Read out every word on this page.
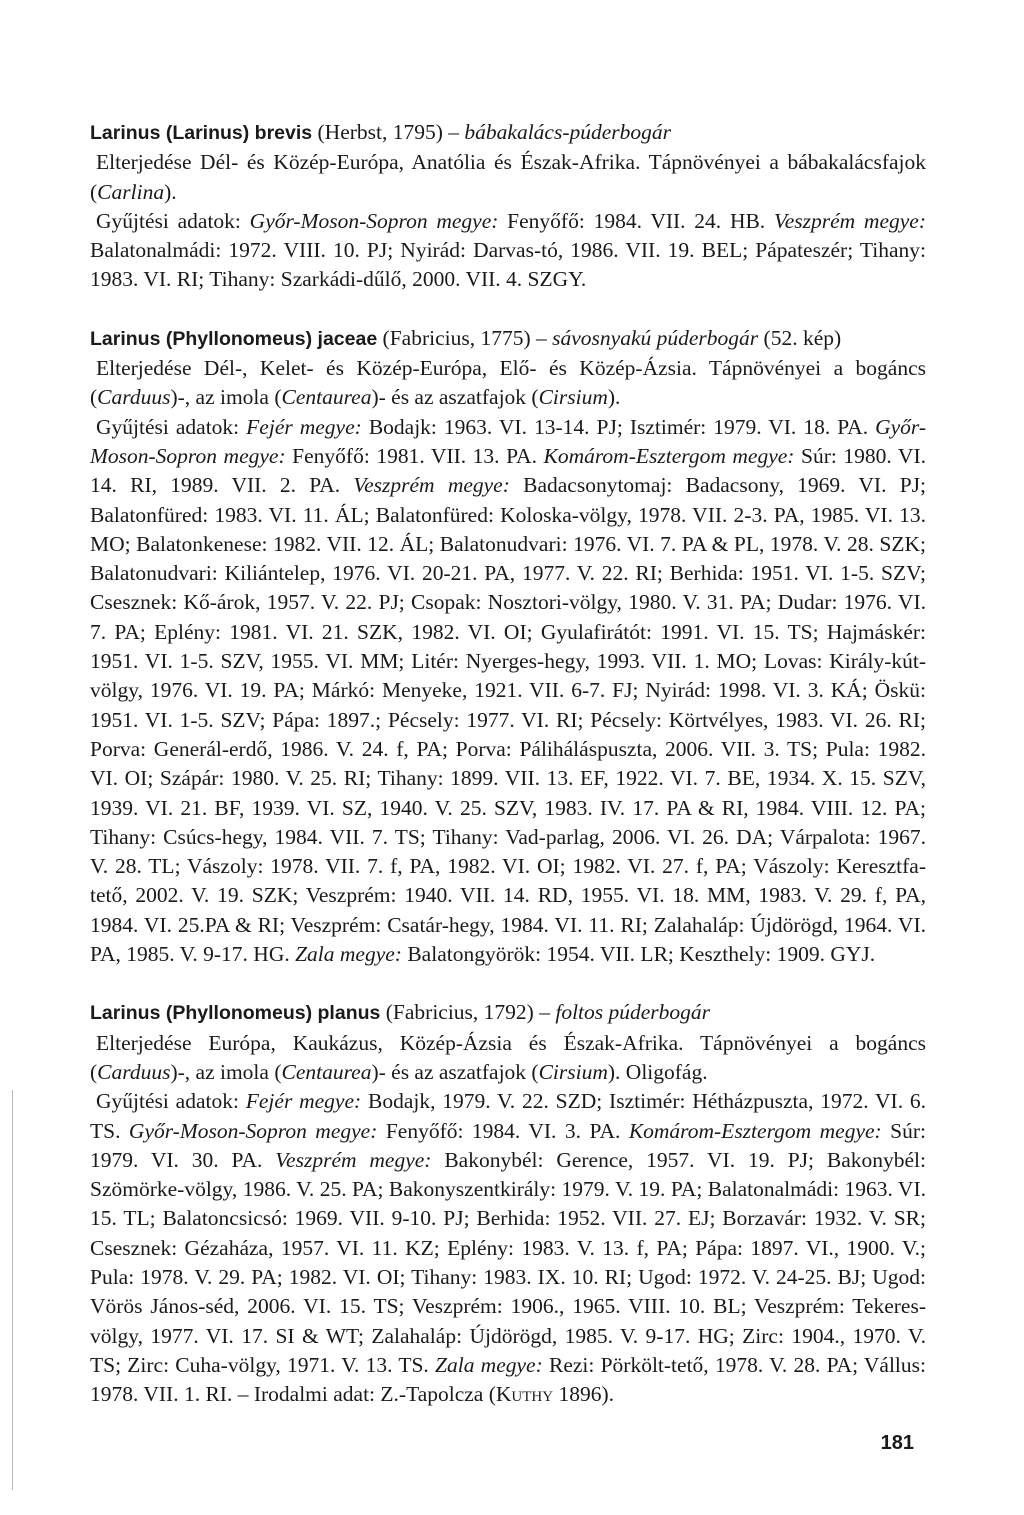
Larinus (Larinus) brevis (Herbst, 1795) – bábakalács-púderbogár

Elterjedése Dél- és Közép-Európa, Anatólia és Észak-Afrika. Tápnövényei a bábakalácsfajok (Carlina).

Gyűjtési adatok: Győr-Moson-Sopron megye: Fenyőfő: 1984. VII. 24. HB. Veszprém megye: Balatonalmádi: 1972. VIII. 10. PJ; Nyirád: Darvas-tó, 1986. VII. 19. BEL; Pápateszér; Tihany: 1983. VI. RI; Tihany: Szarkádi-dűlő, 2000. VII. 4. SZGY.

Larinus (Phyllonomeus) jaceae (Fabricius, 1775) – sávosnyakú púderbogár (52. kép)

Elterjedése Dél-, Kelet- és Közép-Európa, Elő- és Közép-Ázsia. Tápnövényei a bogáncs (Carduus)-, az imola (Centaurea)- és az aszatfajok (Cirsium).

Gyűjtési adatok: Fejér megye: Bodajk: 1963. VI. 13-14. PJ; Isztimér: 1979. VI. 18. PA. Győr-Moson-Sopron megye: Fenyőfő: 1981. VII. 13. PA. Komárom-Esztergom megye: Súr: 1980. VI. 14. RI, 1989. VII. 2. PA. Veszprém megye: Badacsonytomaj: Badacsony, 1969. VI. PJ; Balatonfüred: 1983. VI. 11. ÁL; Balatonfüred: Koloska-völgy, 1978. VII. 2-3. PA, 1985. VI. 13. MO; Balatonkenese: 1982. VII. 12. ÁL; Balatonudvari: 1976. VI. 7. PA & PL, 1978. V. 28. SZK; Balatonudvari: Kiliántelep, 1976. VI. 20-21. PA, 1977. V. 22. RI; Berhida: 1951. VI. 1-5. SZV; Csesznek: Kő-árok, 1957. V. 22. PJ; Csopak: Nosztori-völgy, 1980. V. 31. PA; Dudar: 1976. VI. 7. PA; Eplény: 1981. VI. 21. SZK, 1982. VI. OI; Gyulafirátót: 1991. VI. 15. TS; Hajmáskér: 1951. VI. 1-5. SZV, 1955. VI. MM; Litér: Nyerges-hegy, 1993. VII. 1. MO; Lovas: Király-kút-völgy, 1976. VI. 19. PA; Márkó: Menyeke, 1921. VII. 6-7. FJ; Nyirád: 1998. VI. 3. KÁ; Öskü: 1951. VI. 1-5. SZV; Pápa: 1897.; Pécsely: 1977. VI. RI; Pécsely: Körtvélyes, 1983. VI. 26. RI; Porva: Generál-erdő, 1986. V. 24. f, PA; Porva: Páliháláspuszta, 2006. VII. 3. TS; Pula: 1982. VI. OI; Szápár: 1980. V. 25. RI; Tihany: 1899. VII. 13. EF, 1922. VI. 7. BE, 1934. X. 15. SZV, 1939. VI. 21. BF, 1939. VI. SZ, 1940. V. 25. SZV, 1983. IV. 17. PA & RI, 1984. VIII. 12. PA; Tihany: Csúcs-hegy, 1984. VII. 7. TS; Tihany: Vad-parlag, 2006. VI. 26. DA; Várpalota: 1967. V. 28. TL; Vászoly: 1978. VII. 7. f, PA, 1982. VI. OI; 1982. VI. 27. f, PA; Vászoly: Keresztfa-tető, 2002. V. 19. SZK; Veszprém: 1940. VII. 14. RD, 1955. VI. 18. MM, 1983. V. 29. f, PA, 1984. VI. 25.PA & RI; Veszprém: Csatár-hegy, 1984. VI. 11. RI; Zalahaláp: Újdörögd, 1964. VI. PA, 1985. V. 9-17. HG. Zala megye: Balatongyörök: 1954. VII. LR; Keszthely: 1909. GYJ.

Larinus (Phyllonomeus) planus (Fabricius, 1792) – foltos púderbogár

Elterjedése Európa, Kaukázus, Közép-Ázsia és Észak-Afrika. Tápnövényei a bogáncs (Carduus)-, az imola (Centaurea)- és az aszatfajok (Cirsium). Oligofág.

Gyűjtési adatok: Fejér megye: Bodajk, 1979. V. 22. SZD; Isztimér: Hétházpuszta, 1972. VI. 6. TS. Győr-Moson-Sopron megye: Fenyőfő: 1984. VI. 3. PA. Komárom-Esztergom megye: Súr: 1979. VI. 30. PA. Veszprém megye: Bakonybél: Gerence, 1957. VI. 19. PJ; Bakonybél: Szömörke-völgy, 1986. V. 25. PA; Bakonyszentkirály: 1979. V. 19. PA; Balatonalmádi: 1963. VI. 15. TL; Balatoncsicsó: 1969. VII. 9-10. PJ; Berhida: 1952. VII. 27. EJ; Borzavár: 1932. V. SR; Csesznek: Gézaháza, 1957. VI. 11. KZ; Eplény: 1983. V. 13. f, PA; Pápa: 1897. VI., 1900. V.; Pula: 1978. V. 29. PA; 1982. VI. OI; Tihany: 1983. IX. 10. RI; Ugod: 1972. V. 24-25. BJ; Ugod: Vörös János-séd, 2006. VI. 15. TS; Veszprém: 1906., 1965. VIII. 10. BL; Veszprém: Tekeres-völgy, 1977. VI. 17. SI & WT; Zalahaláp: Újdörögd, 1985. V. 9-17. HG; Zirc: 1904., 1970. V. TS; Zirc: Cuha-völgy, 1971. V. 13. TS. Zala megye: Rezi: Pörkölt-tető, 1978. V. 28. PA; Vállus: 1978. VII. 1. RI. – Irodalmi adat: Z.-Tapolcza (Kuthy 1896).

181
